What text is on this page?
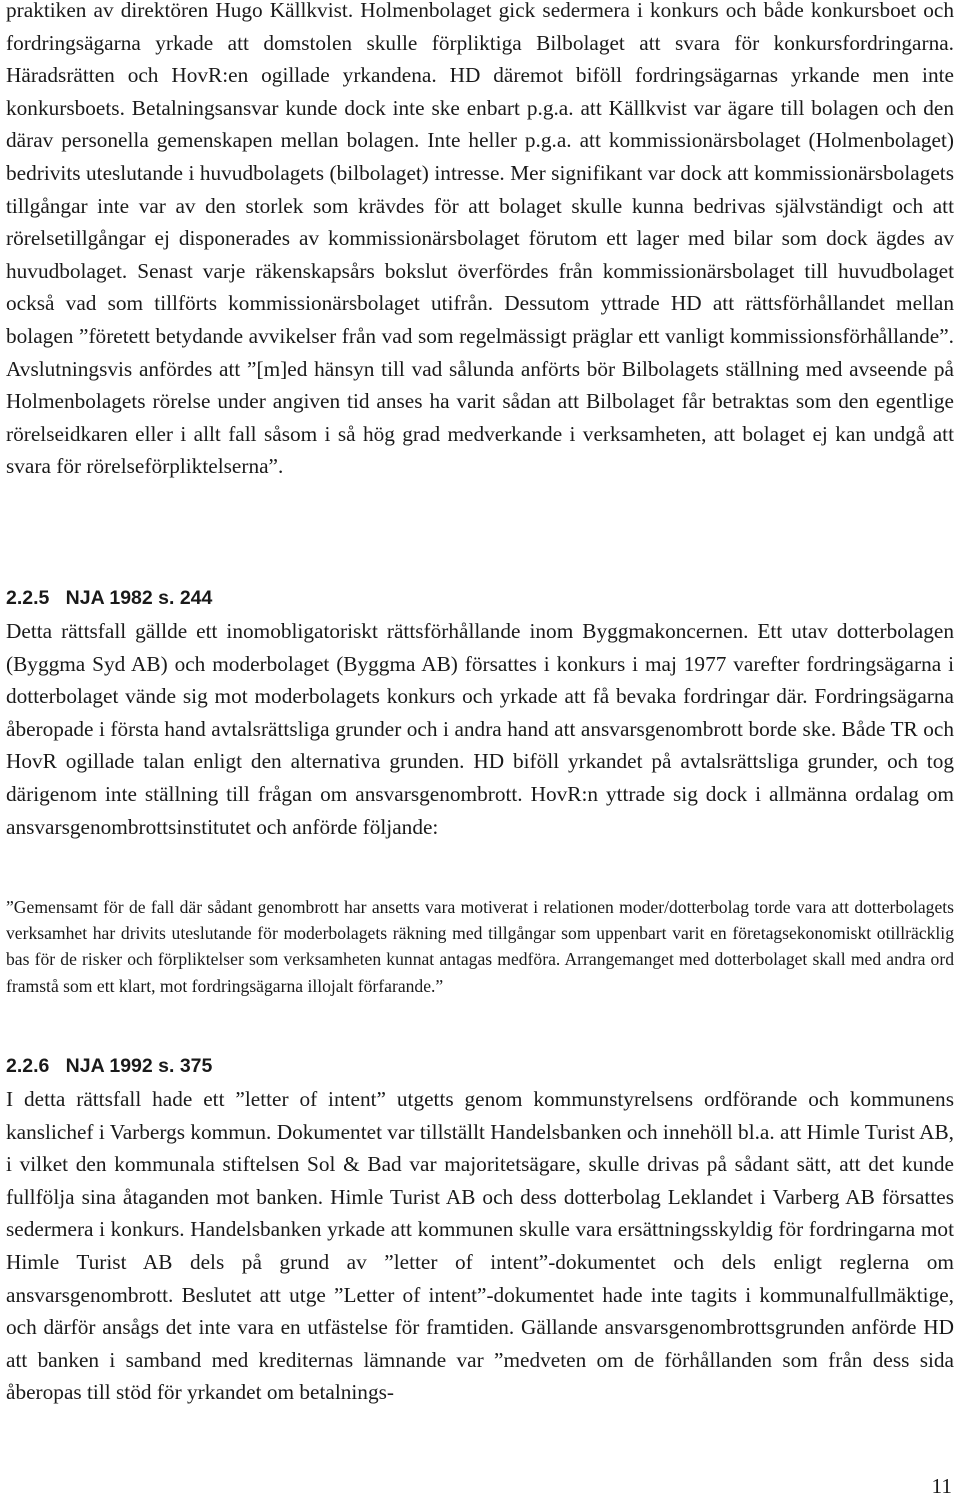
praktiken av direktören Hugo Källkvist. Holmenbolaget gick sedermera i konkurs och både konkursboet och fordringsägarna yrkade att domstolen skulle förpliktiga Bilbolaget att svara för konkursfordringarna. Häradsrätten och HovR:en ogillade yrkandena. HD däremot biföll fordringsägarnas yrkande men inte konkursboets. Betalningsansvar kunde dock inte ske enbart p.g.a. att Källkvist var ägare till bolagen och den därav personella gemenskapen mellan bolagen. Inte heller p.g.a. att kommissionärsbolaget (Holmenbolaget) bedrivits uteslutande i huvudbolagets (bilbolaget) intresse. Mer signifikant var dock att kommissionärsbolagets tillgångar inte var av den storlek som krävdes för att bolaget skulle kunna bedrivas självständigt och att rörelsetillgångar ej disponerades av kommissionärsbolaget förutom ett lager med bilar som dock ägdes av huvudbolaget. Senast varje räkenskapsårs bokslut överfördes från kommissionärsbolaget till huvudbolaget också vad som tillförts kommissionärsbolaget utifrån. Dessutom yttrade HD att rättsförhållandet mellan bolagen ”företett betydande avvikelser från vad som regelmässigt präglar ett vanligt kommissionsförhållande”. Avslutningsvis anfördes att ”[m]ed hänsyn till vad sålunda anförts bör Bilbolagets ställning med avseende på Holmenbolagets rörelse under angiven tid anses ha varit sådan att Bilbolaget får betraktas som den egentlige rörelseidkaren eller i allt fall såsom i så hög grad medverkande i verksamheten, att bolaget ej kan undgå att svara för rörelseförpliktelserna”.

2.2.5 NJA 1982 s. 244

Detta rättsfall gällde ett inomobligatoriskt rättsförhållande inom Byggmakoncernen. Ett utav dotterbolagen (Byggma Syd AB) och moderbolaget (Byggma AB) försattes i konkurs i maj 1977 varefter fordringsägarna i dotterbolaget vände sig mot moderbolagets konkurs och yrkade att få bevaka fordringar där. Fordringsägarna åberopade i första hand avtalsrättsliga grunder och i andra hand att ansvarsgenombrott borde ske. Både TR och HovR ogillade talan enligt den alternativa grunden. HD biföll yrkandet på avtalsrättsliga grunder, och tog därigenom inte ställning till frågan om ansvarsgenombrott. HovR:n yttrade sig dock i allmänna ordalag om ansvarsgenombrottsinstitutet och anförde följande:

”Gemensamt för de fall där sådant genombrott har ansetts vara motiverat i relationen moder/dotterbolag torde vara att dotterbolagets verksamhet har drivits uteslutande för moderbolagets räkning med tillgångar som uppenbart varit en företagsekonomiskt otillräcklig bas för de risker och förpliktelser som verksamheten kunnat antagas medföra. Arrangemanget med dotterbolaget skall med andra ord framstå som ett klart, mot fordringsägarna illojalt förfarande.”

2.2.6 NJA 1992 s. 375

I detta rättsfall hade ett ”letter of intent” utgetts genom kommunstyrelsens ordförande och kommunens kanslichef i Varbergs kommun. Dokumentet var tillställt Handelsbanken och innehöll bl.a. att Himle Turist AB, i vilket den kommunala stiftelsen Sol & Bad var majoritetsägare, skulle drivas på sådant sätt, att det kunde fullfölja sina åtaganden mot banken. Himle Turist AB och dess dotterbolag Leklandet i Varberg AB försattes sedermera i konkurs. Handelsbanken yrkade att kommunen skulle vara ersättningsskyldig för fordringarna mot Himle Turist AB dels på grund av ”letter of intent”-dokumentet och dels enligt reglerna om ansvarsgenombrott. Beslutet att utge ”Letter of intent”-dokumentet hade inte tagits i kommunalfullmäktige, och därför ansågs det inte vara en utfästelse för framtiden. Gällande ansvarsgenombrottsgrunden anförde HD att banken i samband med krediternas lämnande var ”medveten om de förhållanden som från dess sida åberopas till stöd för yrkandet om betalnings-

11
